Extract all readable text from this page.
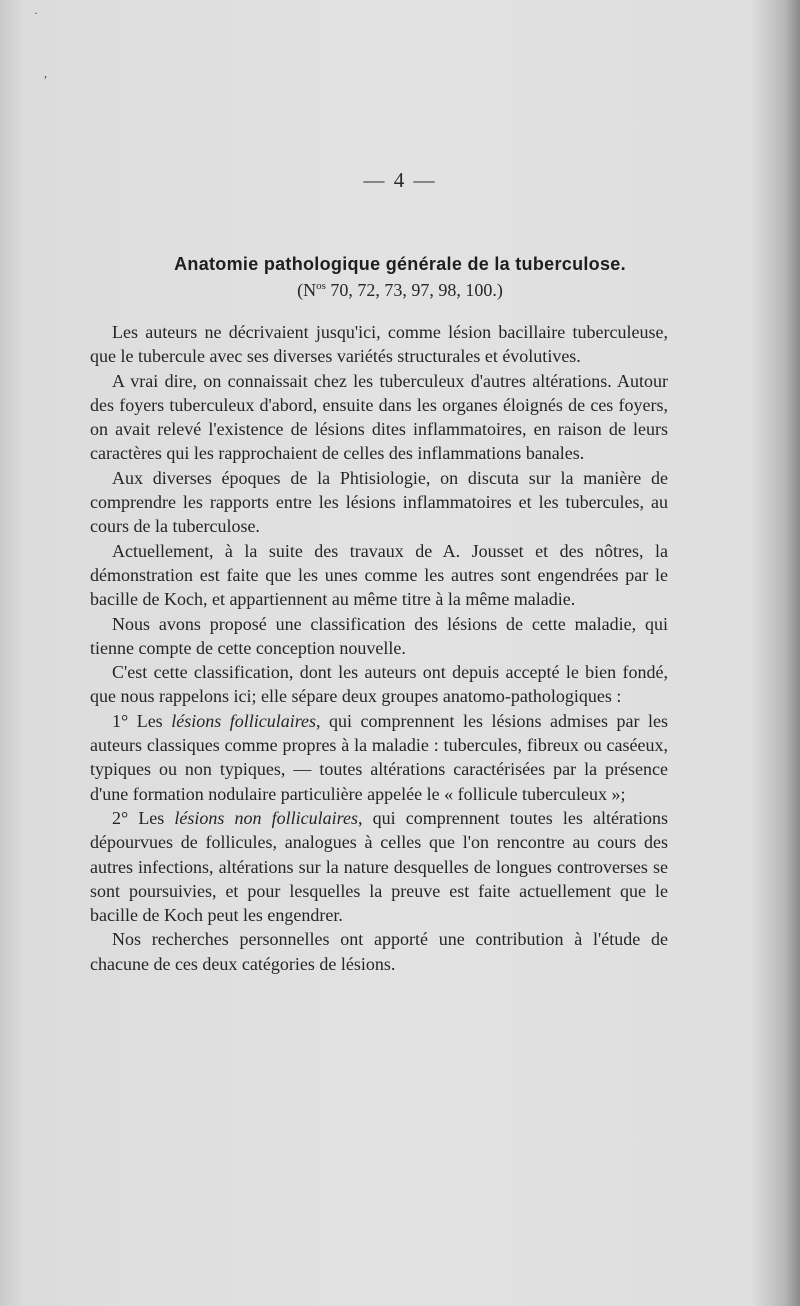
·
,
— 4 —
Anatomie pathologique générale de la tuberculose.
($N^{os}$ 70, 72, 73, 97, 98, 100.)

Les auteurs ne décrivaient jusqu'ici, comme lésion bacillaire tuberculeuse, que le tubercule avec ses diverses variétés structurales et évolutives.

A vrai dire, on connaissait chez les tuberculeux d'autres altérations. Autour des foyers tuberculeux d'abord, ensuite dans les organes éloignés de ces foyers, on avait relevé l'existence de lésions dites inflammatoires, en raison de leurs caractères qui les rapprochaient de celles des inflammations banales.

Aux diverses époques de la Phtisiologie, on discuta sur la manière de comprendre les rapports entre les lésions inflammatoires et les tubercules, au cours de la tuberculose.

Actuellement, à la suite des travaux de A. Jousset et des nôtres, la démonstration est faite que les unes comme les autres sont engendrées par le bacille de Koch, et appartiennent au même titre à la même maladie.

Nous avons proposé une classification des lésions de cette maladie, qui tienne compte de cette conception nouvelle.

C'est cette classification, dont les auteurs ont depuis accepté le bien fondé, que nous rappelons ici; elle sépare deux groupes anatomo-pathologiques :

1° Les lésions folliculaires, qui comprennent les lésions admises par les auteurs classiques comme propres à la maladie : tubercules, fibreux ou caséeux, typiques ou non typiques, — toutes altérations caractérisées par la présence d'une formation nodulaire particulière appelée le « follicule tuberculeux »;

2° Les lésions non folliculaires, qui comprennent toutes les altérations dépourvues de follicules, analogues à celles que l'on rencontre au cours des autres infections, altérations sur la nature desquelles de longues controverses se sont poursuivies, et pour lesquelles la preuve est faite actuellement que le bacille de Koch peut les engendrer.

Nos recherches personnelles ont apporté une contribution à l'étude de chacune de ces deux catégories de lésions.
